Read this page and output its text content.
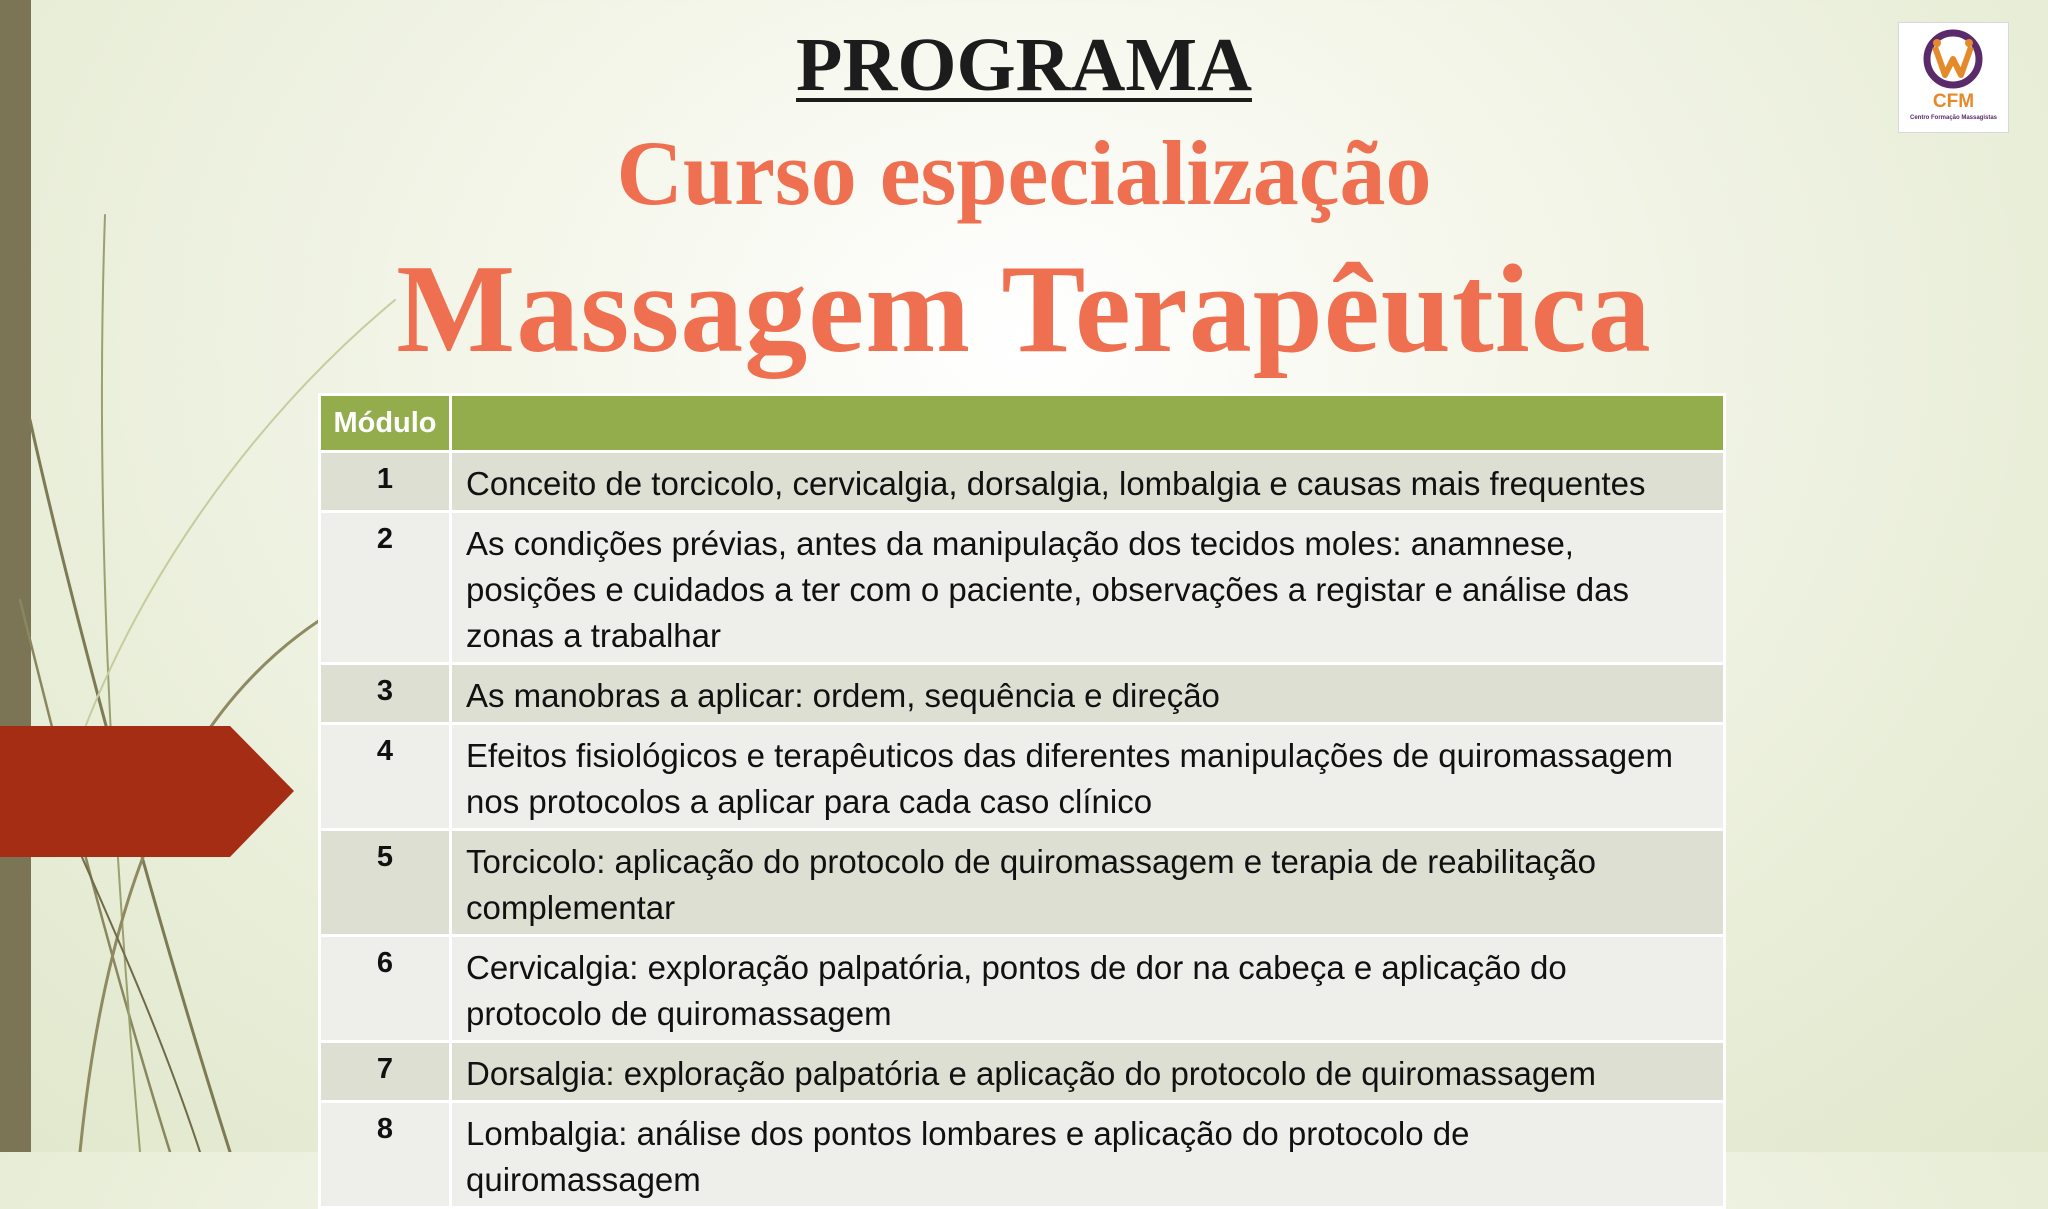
PROGRAMA
Curso especialização
Massagem Terapêutica
CFM
Centro Formação Massagistas
Módulo	
1	Conceito de torcicolo, cervicalgia, dorsalgia, lombalgia e causas mais frequentes
2	As condições prévias, antes da manipulação dos tecidos moles: anamnese, posições e cuidados a ter com o paciente, observações a registar e análise das zonas a trabalhar
3	As manobras a aplicar: ordem, sequência e direção
4	Efeitos fisiológicos e terapêuticos das diferentes manipulações de quiromassagem nos protocolos a aplicar para cada caso clínico
5	Torcicolo: aplicação do protocolo de quiromassagem e terapia de reabilitação complementar
6	Cervicalgia: exploração palpatória, pontos de dor na cabeça e aplicação do protocolo de quiromassagem
7	Dorsalgia: exploração palpatória e aplicação do protocolo de quiromassagem
8	Lombalgia: análise dos pontos lombares e aplicação do protocolo de quiromassagem
